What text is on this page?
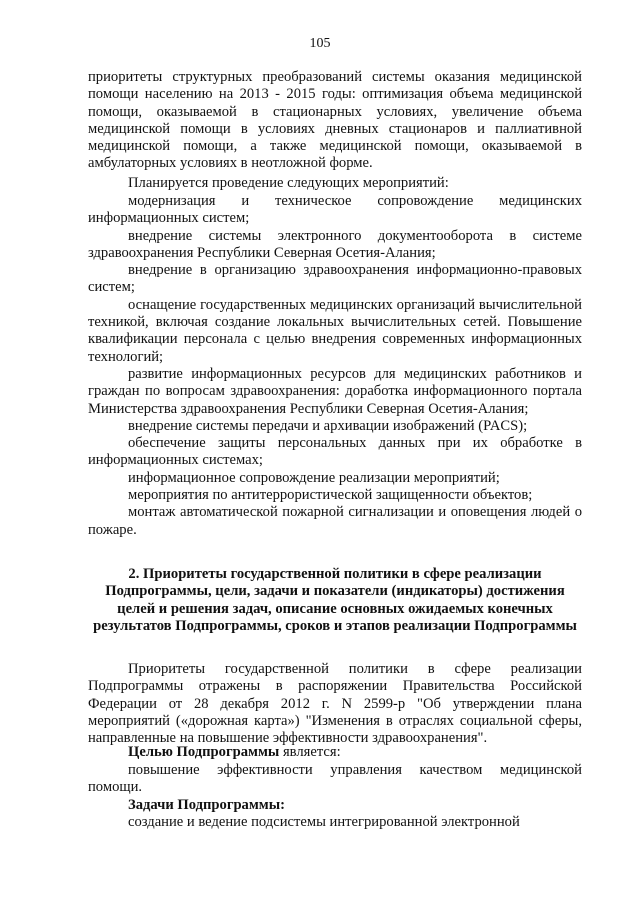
105

приоритеты структурных преобразований системы оказания медицинской помощи населению на 2013 - 2015 годы: оптимизация объема медицинской помощи, оказываемой в стационарных условиях, увеличение объема медицинской помощи в условиях дневных стационаров и паллиативной медицинской помощи, а также медицинской помощи, оказываемой в амбулаторных условиях в неотложной форме.

Планируется проведение следующих мероприятий:

модернизация и техническое сопровождение медицинских информационных систем;

внедрение системы электронного документооборота в системе здравоохранения Республики Северная Осетия-Алания;

внедрение в организацию здравоохранения информационно-правовых систем;

оснащение государственных медицинских организаций вычислительной техникой, включая создание локальных вычислительных сетей. Повышение квалификации персонала с целью внедрения современных информационных технологий;

развитие информационных ресурсов для медицинских работников и граждан по вопросам здравоохранения: доработка информационного портала Министерства здравоохранения Республики Северная Осетия-Алания;

внедрение системы передачи и архивации изображений (PACS);

обеспечение защиты персональных данных при их обработке в информационных системах;

информационное сопровождение реализации мероприятий;

мероприятия по антитеррористической защищенности объектов;

монтаж автоматической пожарной сигнализации и оповещения людей о пожаре.

2. Приоритеты государственной политики в сфере реализации Подпрограммы, цели, задачи и показатели (индикаторы) достижения целей и решения задач, описание основных ожидаемых конечных результатов Подпрограммы, сроков и этапов реализации Подпрограммы

Приоритеты государственной политики в сфере реализации Подпрограммы отражены в распоряжении Правительства Российской Федерации от 28 декабря 2012 г. N 2599-р "Об утверждении плана мероприятий («дорожная карта») "Изменения в отраслях социальной сферы, направленные на повышение эффективности здравоохранения".

Целью Подпрограммы является:

повышение эффективности управления качеством медицинской помощи.

Задачи Подпрограммы:

создание и ведение подсистемы интегрированной электронной
